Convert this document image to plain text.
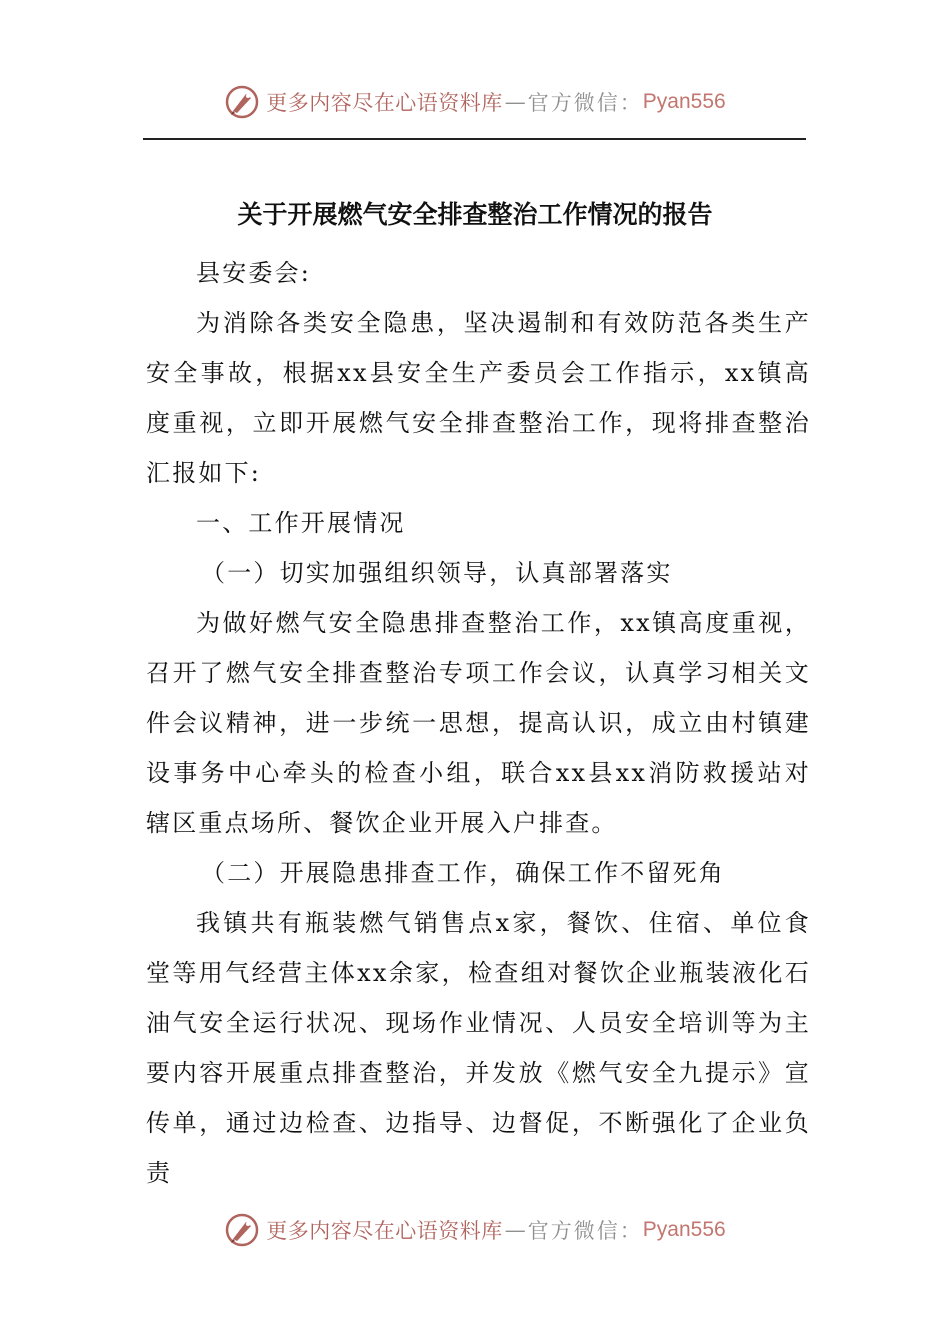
更多内容尽在心语资料库 — 官方微信： Pyan556
关于开展燃气安全排查整治工作情况的报告

县安委会:

为消除各类安全隐患，坚决遏制和有效防范各类生产安全事故，根据xx县安全生产委员会工作指示，xx镇高度重视，立即开展燃气安全排查整治工作，现将排查整治汇报如下:

一、工作开展情况

（一）切实加强组织领导，认真部署落实

为做好燃气安全隐患排查整治工作，xx镇高度重视，召开了燃气安全排查整治专项工作会议，认真学习相关文件会议精神，进一步统一思想，提高认识，成立由村镇建设事务中心牵头的检查小组，联合xx县xx消防救援站对辖区重点场所、餐饮企业开展入户排查。

（二）开展隐患排查工作，确保工作不留死角

我镇共有瓶装燃气销售点x家，餐饮、住宿、单位食堂等用气经营主体xx余家，检查组对餐饮企业瓶装液化石油气安全运行状况、现场作业情况、人员安全培训等为主要内容开展重点排查整治，并发放《燃气安全九提示》宣传单，通过边检查、边指导、边督促，不断强化了企业负责

更多内容尽在心语资料库 — 官方微信： Pyan556
